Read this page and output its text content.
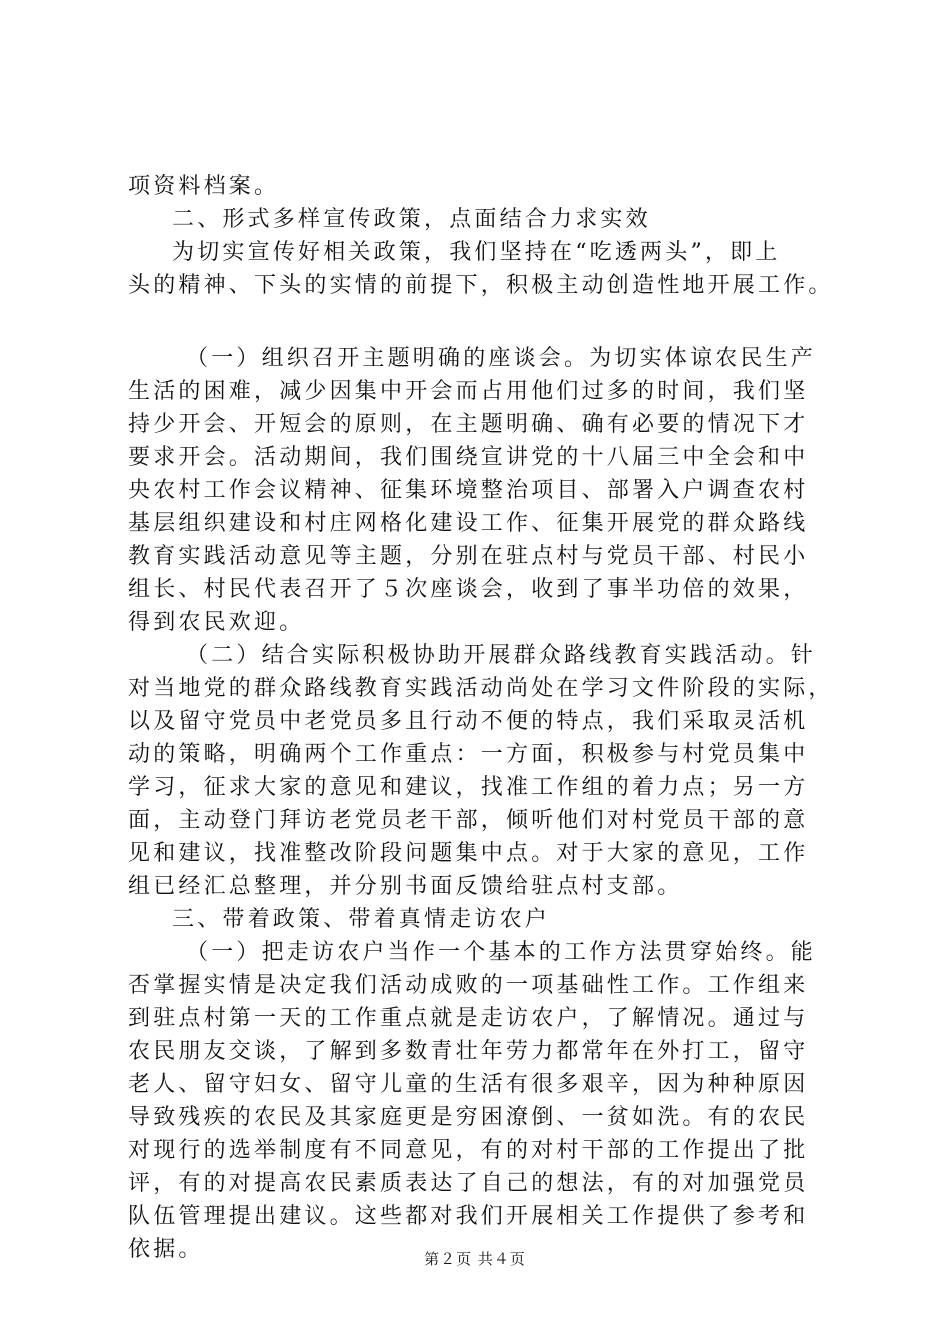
项资料档案。
二、形式多样宣传政策，点面结合力求实效
为切实宣传好相关政策，我们坚持在“吃透两头”，即上
头的精神、下头的实情的前提下，积极主动创造性地开展工作。
（一）组织召开主题明确的座谈会。为切实体谅农民生产
生活的困难，减少因集中开会而占用他们过多的时间，我们坚
持少开会、开短会的原则，在主题明确、确有必要的情况下才
要求开会。活动期间，我们围绕宣讲党的十八届三中全会和中
央农村工作会议精神、征集环境整治项目、部署入户调查农村
基层组织建设和村庄网格化建设工作、征集开展党的群众路线
教育实践活动意见等主题，分别在驻点村与党员干部、村民小
组长、村民代表召开了５次座谈会，收到了事半功倍的效果，
得到农民欢迎。
（二）结合实际积极协助开展群众路线教育实践活动。针
对当地党的群众路线教育实践活动尚处在学习文件阶段的实际，
以及留守党员中老党员多且行动不便的特点，我们采取灵活机
动的策略，明确两个工作重点：一方面，积极参与村党员集中
学习，征求大家的意见和建议，找准工作组的着力点；另一方
面，主动登门拜访老党员老干部，倾听他们对村党员干部的意
见和建议，找准整改阶段问题集中点。对于大家的意见，工作
组已经汇总整理，并分别书面反馈给驻点村支部。
三、带着政策、带着真情走访农户
（一）把走访农户当作一个基本的工作方法贯穿始终。能
否掌握实情是决定我们活动成败的一项基础性工作。工作组来
到驻点村第一天的工作重点就是走访农户，了解情况。通过与
农民朋友交谈，了解到多数青壮年劳力都常年在外打工，留守
老人、留守妇女、留守儿童的生活有很多艰辛，因为种种原因
导致残疾的农民及其家庭更是穷困潦倒、一贫如洗。有的农民
对现行的选举制度有不同意见，有的对村干部的工作提出了批
评，有的对提高农民素质表达了自己的想法，有的对加强党员
队伍管理提出建议。这些都对我们开展相关工作提供了参考和
依据。	第２页 共４页
